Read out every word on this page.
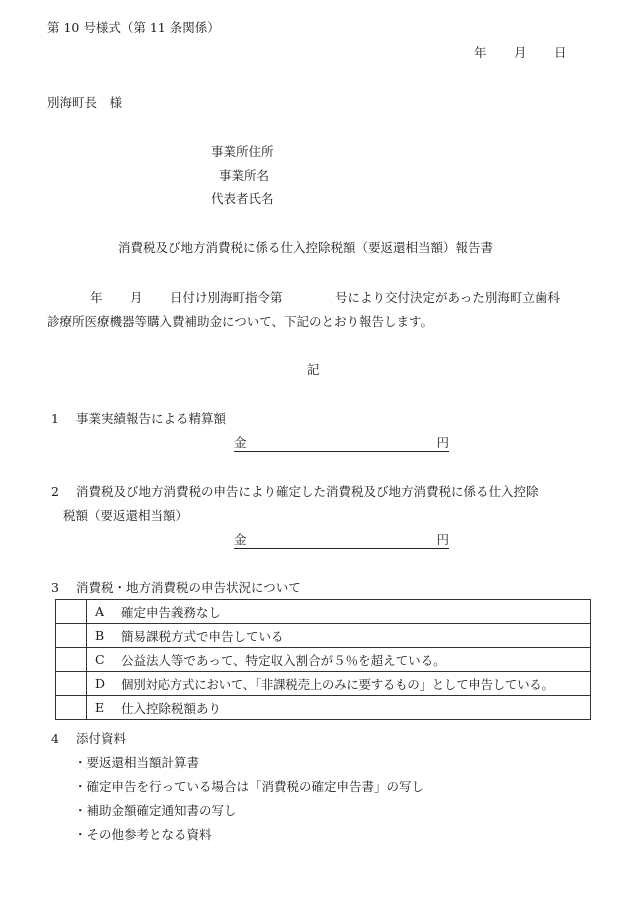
第 10 号様式（第 11 条関係）
年 月 日
別海町長　様
事業所住所
事業所名
代表者氏名
消費税及び地方消費税に係る仕入控除税額（要返還相当額）報告書
年 月 日付け別海町指令第	号により交付決定があった別海町立歯科
診療所医療機器等購入費補助金について、下記のとおり報告します。
記
1 事業実績報告による精算額
金	円
2 消費税及び地方消費税の申告により確定した消費税及び地方消費税に係る仕入控除
税額（要返還相当額）
金	円
3 消費税・地方消費税の申告状況について
	A	確定申告義務なし
	B	簡易課税方式で申告している
	C	公益法人等であって、特定収入割合が５％を超えている。
	D	個別対応方式において、「非課税売上のみに要するもの」として申告している。
	E	仕入控除税額あり
4 添付資料
・要返還相当額計算書
・確定申告を行っている場合は「消費税の確定申告書」の写し
・補助金額確定通知書の写し
・その他参考となる資料
